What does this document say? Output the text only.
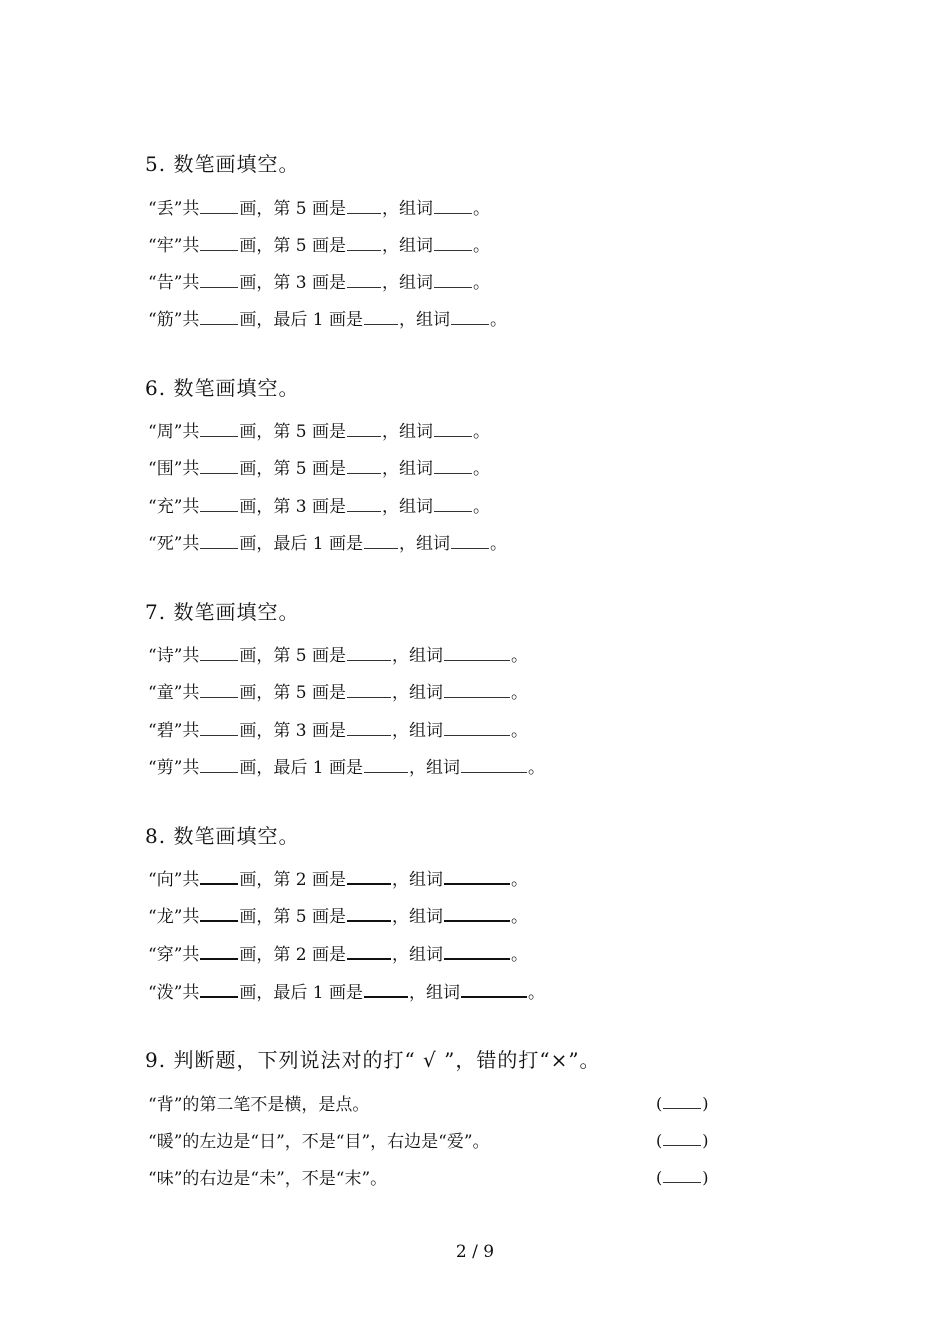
5. 数笔画填空。
“丢”共 画，第 5 画是 ，组词 。
“牢”共 画，第 5 画是 ，组词 。
“告”共 画，第 3 画是 ，组词 。
“筋”共 画，最后 1 画是 ，组词 。
6. 数笔画填空。
“周”共 画，第 5 画是 ，组词 。
“围”共 画，第 5 画是 ，组词 。
“充”共 画，第 3 画是 ，组词 。
“死”共 画，最后 1 画是 ，组词 。
7. 数笔画填空。
“诗”共 画，第 5 画是	，组词	。
“童”共 画，第 5 画是	，组词	。
“碧”共 画，第 3 画是	，组词	。
“剪”共 画，最后 1 画是	，组词	。
8. 数笔画填空。
“向”共 画，第 2 画是	，组词	。
“龙”共 画，第 5 画是	，组词	。
“穿”共 画，第 2 画是	，组词	。
“泼”共 画，最后 1 画是	，组词	。
9. 判断题，下列说法对的打“ √ ”，错的打“×”。
“背”的第二笔不是横，是点。	(	)
“暖”的左边是“日”，不是“目”，右边是“爱”。	(	)
“味”的右边是“未”，不是“末”。	(	)
2 / 9
